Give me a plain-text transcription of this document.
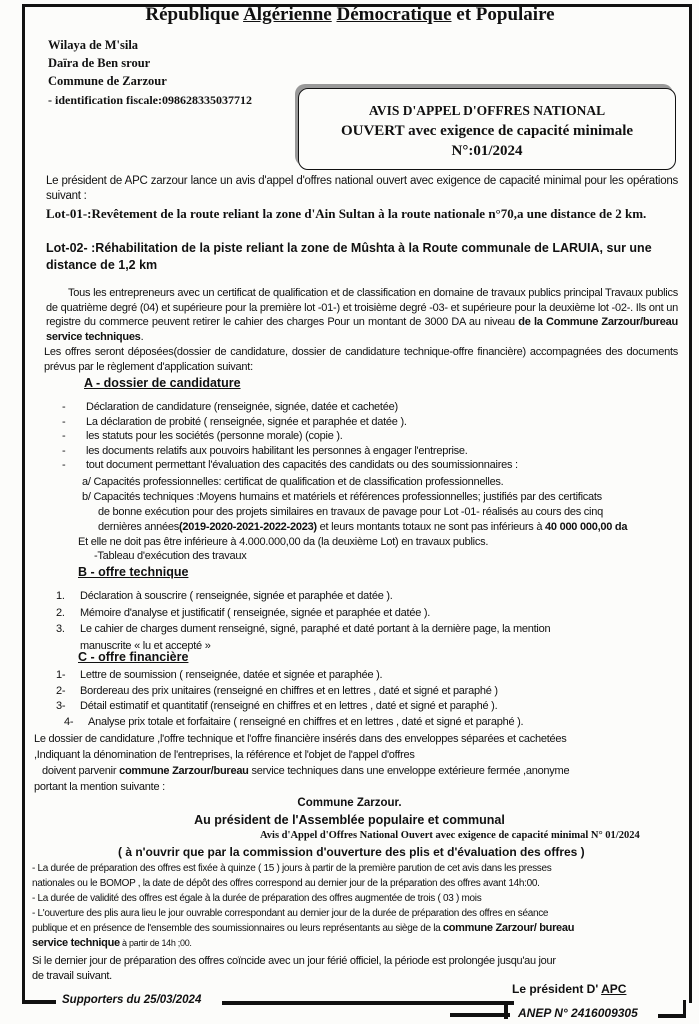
République Algérienne Démocratique et Populaire
Wilaya de M'sila
Daïra de Ben srour
Commune de Zarzour
- identification fiscale:098628335037712
AVIS D'APPEL D'OFFRES NATIONAL
OUVERT avec exigence de capacité minimale
N°:01/2024
Le président de APC zarzour lance un avis d'appel d'offres national ouvert avec exigence de capacité minimal pour les opérations suivant :
Lot-01-:Revêtement de la route reliant la zone d'Ain Sultan à la route nationale n°70,a une distance de 2 km.
Lot-02- :Réhabilitation de la piste reliant la zone de Mûshta à la Route communale de LARUIA, sur une distance de 1,2 km
Tous les entrepreneurs avec un certificat de qualification et de classification en domaine de travaux publics principal Travaux publics de quatrième degré (04) et supérieure pour la première lot -01-) et troisième degré -03- et supérieure pour la deuxième lot -02-. Ils ont un registre du commerce peuvent retirer le cahier des charges Pour un montant de 3000 DA au niveau de la Commune Zarzour/bureau service techniques.
Les offres seront déposées(dossier de candidature, dossier de candidature technique-offre financière) accompagnées des documents prévus par le règlement d'application suivant:
A - dossier de candidature
- Déclaration de candidature (renseignée, signée, datée et cachetée)
- La déclaration de probité ( renseignée, signée et paraphée et datée ).
- les statuts pour les sociétés (personne morale) (copie ).
- les documents relatifs aux pouvoirs habilitant les personnes à engager l'entreprise.
- tout document permettant l'évaluation des capacités des candidats ou des soumissionnaires :
a/ Capacités professionnelles: certificat de qualification et de classification professionnelles.
b/ Capacités techniques :Moyens humains et matériels et références professionnelles; justifiés par des certificats
de bonne exécution pour des projets similaires en travaux de pavage pour Lot -01- réalisés au cours des cinq
dernières années(2019-2020-2021-2022-2023) et leurs montants totaux ne sont pas inférieurs à 40 000 000,00 da
Et elle ne doit pas être inférieure à 4.000.000,00 da (la deuxième Lot) en travaux publics.
-Tableau d'exécution des travaux
B - offre technique
1. Déclaration à souscrire ( renseignée, signée et paraphée et datée ).
2. Mémoire d'analyse et justificatif ( renseignée, signée et paraphée et datée ).
3. Le cahier de charges dument renseigné, signé, paraphé et daté portant à la dernière page, la mention
manuscrite « lu et accepté »
C - offre financière
1- Lettre de soumission ( renseignée, datée et signée et paraphée ).
2- Bordereau des prix unitaires (renseigné en chiffres et en lettres , daté et signé et paraphé )
3- Détail estimatif et quantitatif (renseigné en chiffres et en lettres , daté et signé et paraphé ).
4- Analyse prix totale et forfaitaire ( renseigné en chiffres et en lettres , daté et signé et paraphé ).
Le dossier de candidature ,l'offre technique et l'offre financière insérés dans des enveloppes séparées et cachetées
,Indiquant la dénomination de l'entreprises, la référence et l'objet de l'appel d'offres
doivent parvenir commune Zarzour/bureau service techniques dans une enveloppe extérieure fermée ,anonyme
portant la mention suivante :
Commune Zarzour.
Au président de l'Assemblée populaire et communal
Avis d'Appel d'Offres National Ouvert avec exigence de capacité minimal N° 01/2024
( à n'ouvrir que par la commission d'ouverture des plis et d'évaluation des offres )
- La durée de préparation des offres est fixée à quinze ( 15 ) jours à partir de la première parution de cet avis dans les presses
nationales ou le BOMOP , la date de dépôt des offres correspond au dernier jour de la préparation des offres avant 14h:00.
- La durée de validité des offres est égale à la durée de préparation des offres augmentée de trois ( 03 ) mois
- L'ouverture des plis aura lieu le jour ouvrable correspondant au dernier jour de la durée de préparation des offres en séance
publique et en présence de l'ensemble des soumissionnaires ou leurs représentants au siège de la commune Zarzour/ bureau
service technique à partir de 14h ;00.
Si le dernier jour de préparation des offres coïncide avec un jour férié officiel, la période est prolongée jusqu'au jour
de travail suivant.
Le président D' APC
Supporters du 25/03/2024
ANEP N° 2416009305
